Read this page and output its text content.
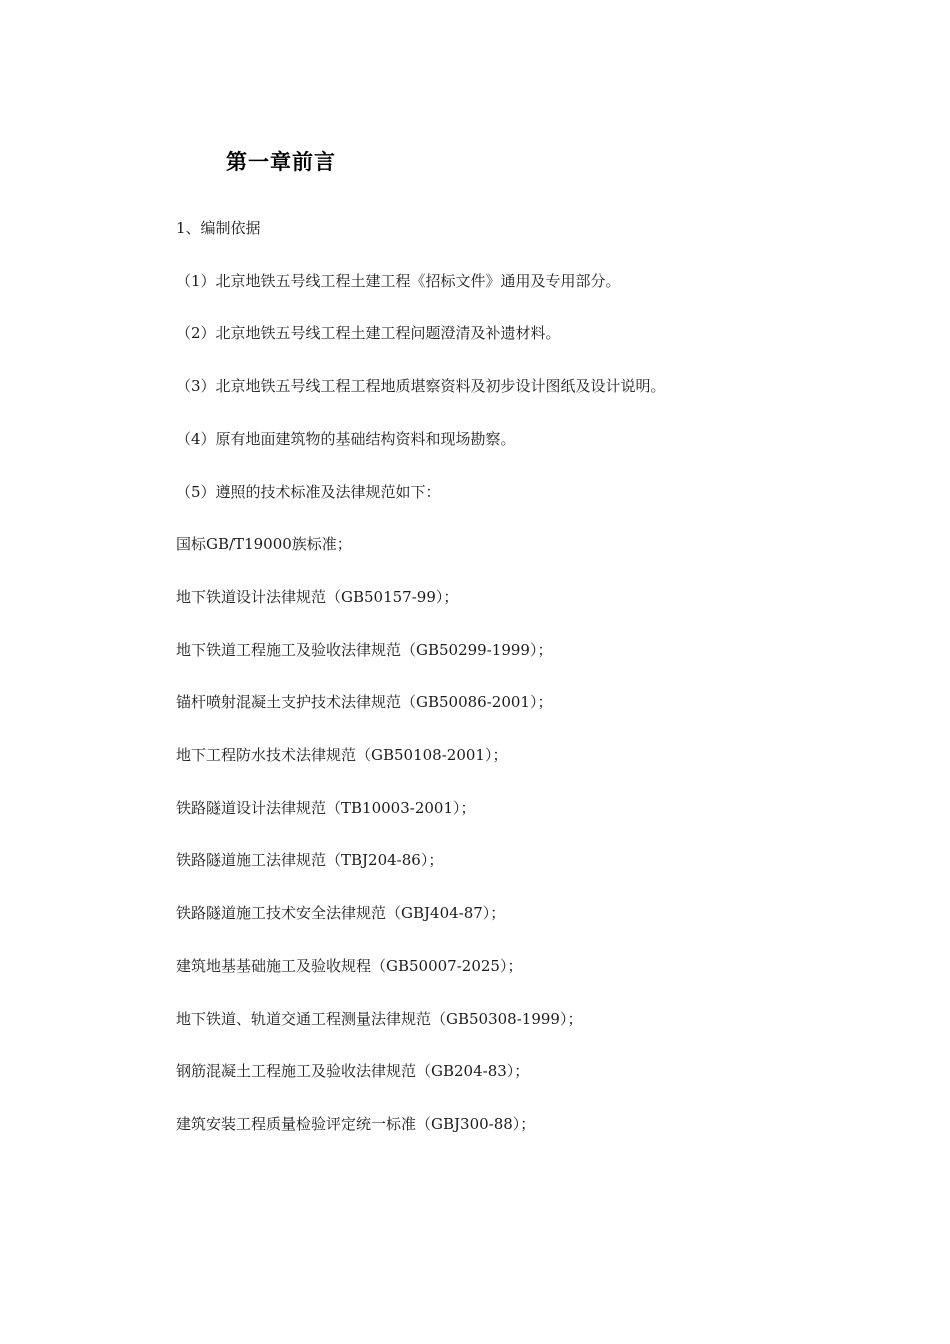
第一章前言
1、编制依据
（1）北京地铁五号线工程土建工程《招标文件》通用及专用部分。
（2）北京地铁五号线工程土建工程问题澄清及补遗材料。
（3）北京地铁五号线工程工程地质堪察资料及初步设计图纸及设计说明。
（4）原有地面建筑物的基础结构资料和现场勘察。
（5）遵照的技术标准及法律规范如下：
国标GB/T19000族标准；
地下铁道设计法律规范（GB50157-99）；
地下铁道工程施工及验收法律规范（GB50299-1999）；
锚杆喷射混凝土支护技术法律规范（GB50086-2001）；
地下工程防水技术法律规范（GB50108-2001）；
铁路隧道设计法律规范（TB10003-2001）；
铁路隧道施工法律规范（TBJ204-86）；
铁路隧道施工技术安全法律规范（GBJ404-87）；
建筑地基基础施工及验收规程（GB50007-2025）；
地下铁道、轨道交通工程测量法律规范（GB50308-1999）；
钢筋混凝土工程施工及验收法律规范（GB204-83）；
建筑安装工程质量检验评定统一标准（GBJ300-88）；
